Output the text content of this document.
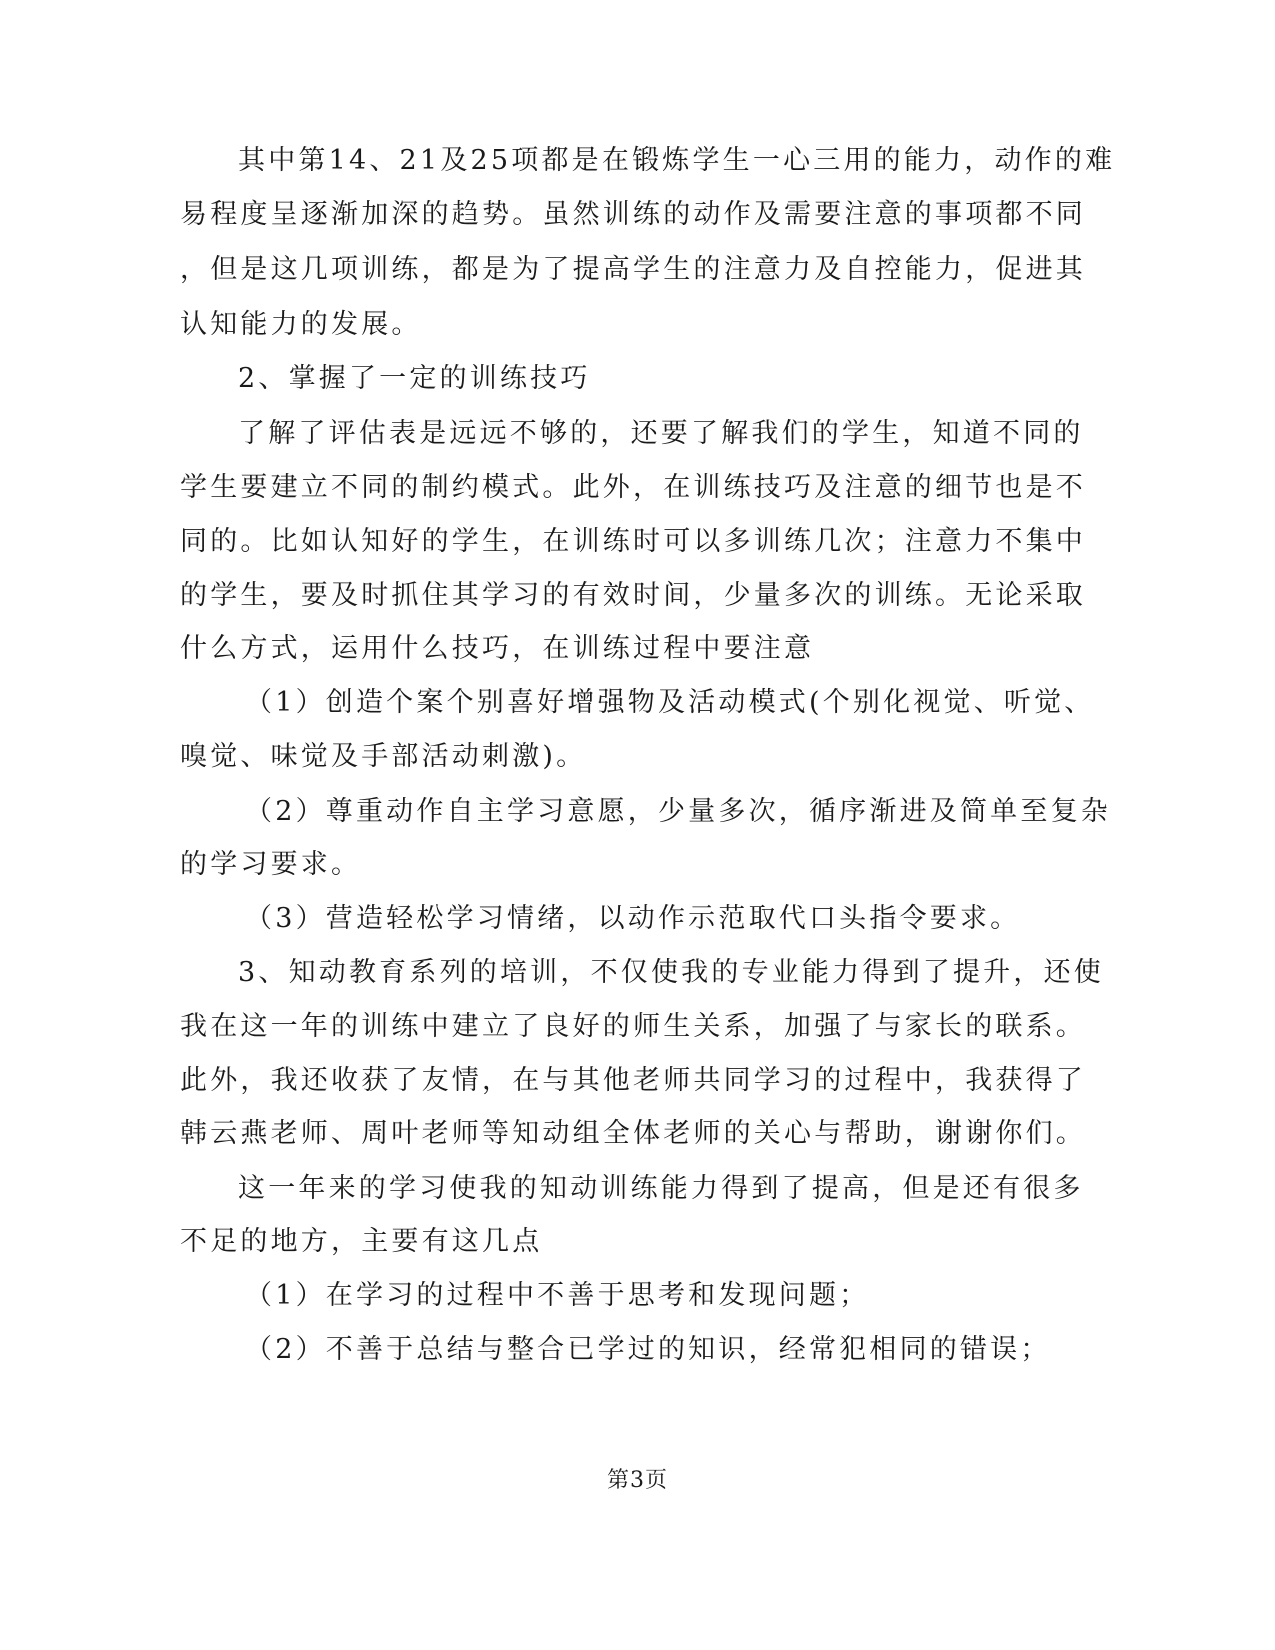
其中第14、21及25项都是在锻炼学生一心三用的能力，动作的难
易程度呈逐渐加深的趋势。虽然训练的动作及需要注意的事项都不同
，但是这几项训练，都是为了提高学生的注意力及自控能力，促进其
认知能力的发展。
2、掌握了一定的训练技巧
了解了评估表是远远不够的，还要了解我们的学生，知道不同的
学生要建立不同的制约模式。此外，在训练技巧及注意的细节也是不
同的。比如认知好的学生，在训练时可以多训练几次；注意力不集中
的学生，要及时抓住其学习的有效时间，少量多次的训练。无论采取
什么方式，运用什么技巧，在训练过程中要注意
（1）创造个案个别喜好增强物及活动模式(个别化视觉、听觉、
嗅觉、味觉及手部活动刺激)。
（2）尊重动作自主学习意愿，少量多次，循序渐进及简单至复杂
的学习要求。
（3）营造轻松学习情绪，以动作示范取代口头指令要求。
3、知动教育系列的培训，不仅使我的专业能力得到了提升，还使
我在这一年的训练中建立了良好的师生关系，加强了与家长的联系。
此外，我还收获了友情，在与其他老师共同学习的过程中，我获得了
韩云燕老师、周叶老师等知动组全体老师的关心与帮助，谢谢你们。
这一年来的学习使我的知动训练能力得到了提高，但是还有很多
不足的地方，主要有这几点
（1）在学习的过程中不善于思考和发现问题；
（2）不善于总结与整合已学过的知识，经常犯相同的错误；
第3页
